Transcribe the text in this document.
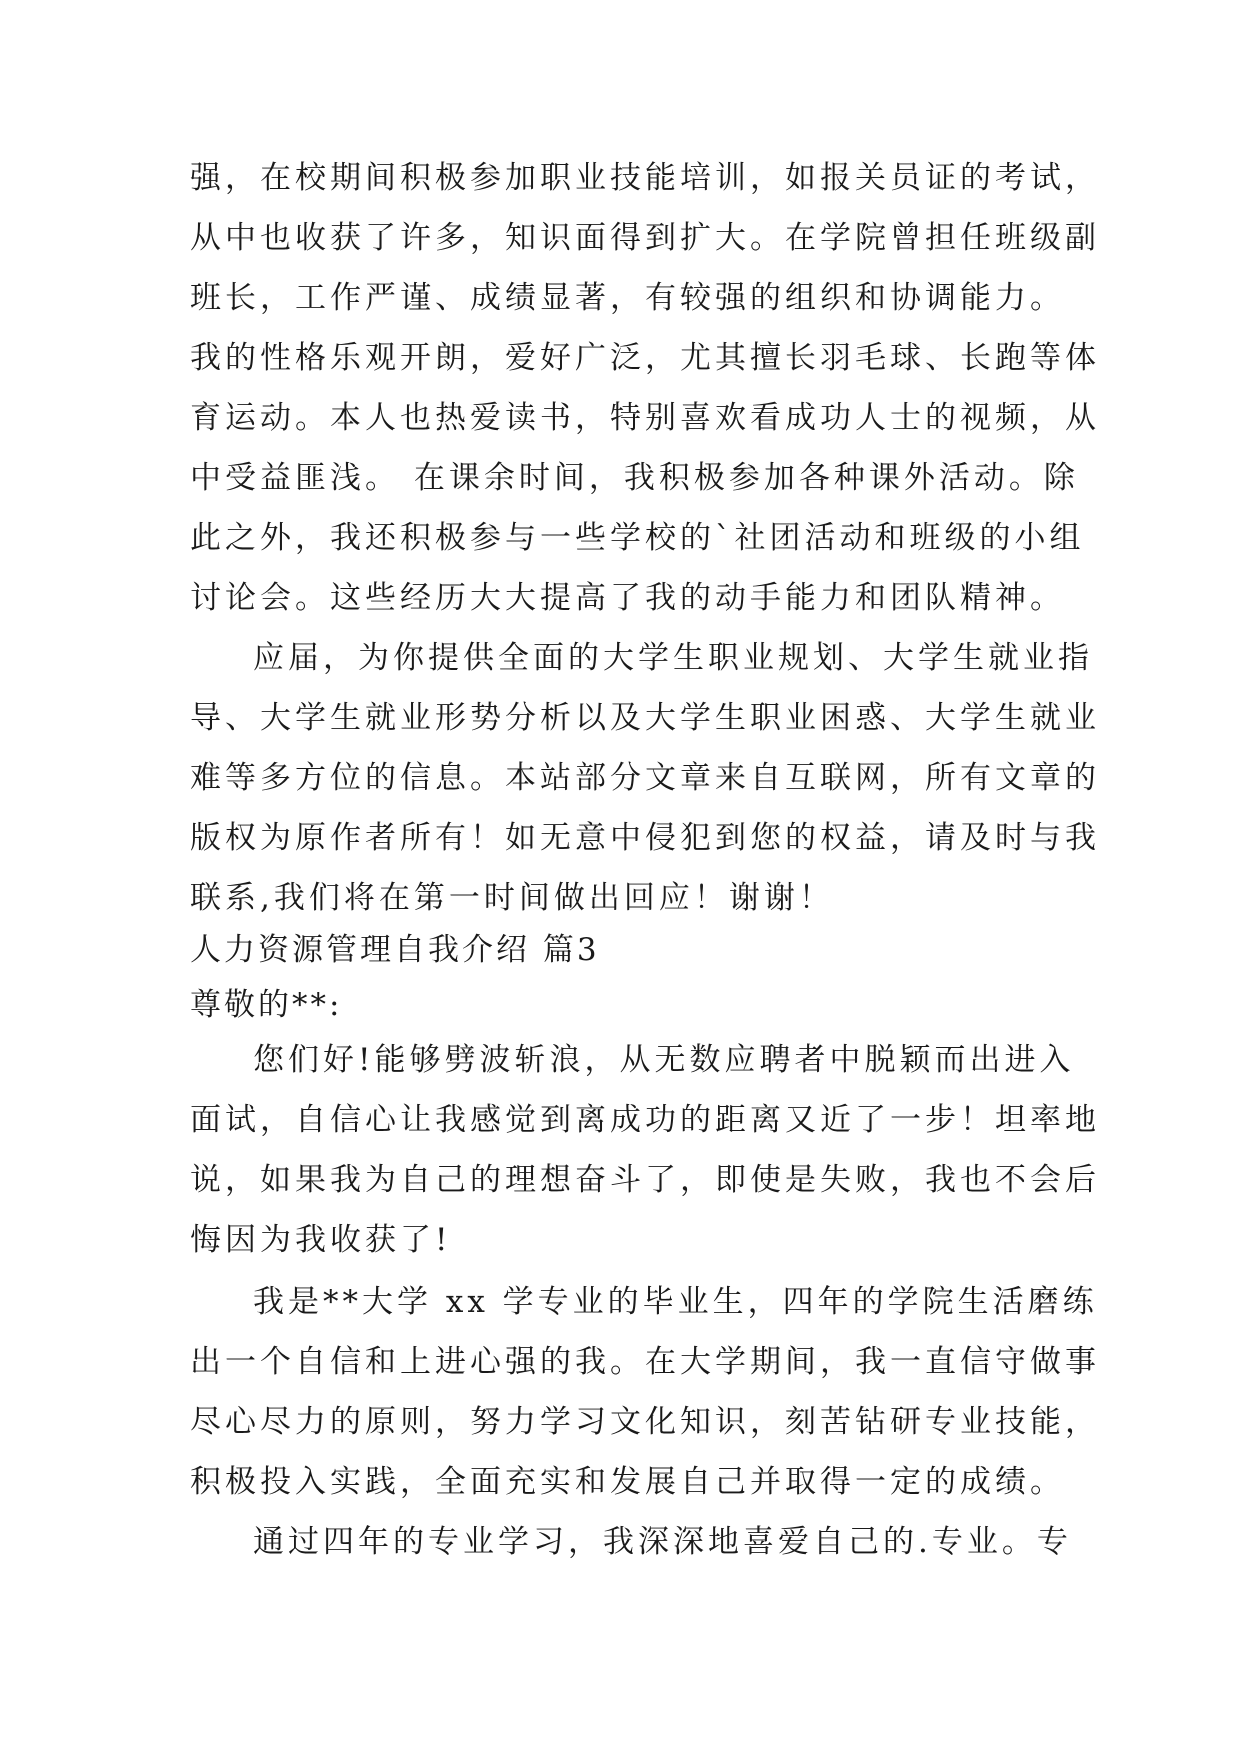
强，在校期间积极参加职业技能培训，如报关员证的考试，
从中也收获了许多，知识面得到扩大。在学院曾担任班级副
班长，工作严谨、成绩显著，有较强的组织和协调能力。
我的性格乐观开朗，爱好广泛，尤其擅长羽毛球、长跑等体
育运动。本人也热爱读书，特别喜欢看成功人士的视频，从
中受益匪浅。 在课余时间，我积极参加各种课外活动。除
此之外，我还积极参与一些学校的`社团活动和班级的小组
讨论会。这些经历大大提高了我的动手能力和团队精神。
应届，为你提供全面的大学生职业规划、大学生就业指
导、大学生就业形势分析以及大学生职业困惑、大学生就业
难等多方位的信息。本站部分文章来自互联网，所有文章的
版权为原作者所有！如无意中侵犯到您的权益，请及时与我
联系,我们将在第一时间做出回应！谢谢！
人力资源管理自我介绍 篇3
尊敬的**:
您们好!能够劈波斩浪，从无数应聘者中脱颖而出进入
面试，自信心让我感觉到离成功的距离又近了一步！坦率地
说，如果我为自己的理想奋斗了，即使是失败，我也不会后
悔因为我收获了!
我是**大学 xx 学专业的毕业生，四年的学院生活磨练
出一个自信和上进心强的我。在大学期间，我一直信守做事
尽心尽力的原则，努力学习文化知识，刻苦钻研专业技能，
积极投入实践，全面充实和发展自己并取得一定的成绩。
通过四年的专业学习，我深深地喜爱自己的.专业。专
